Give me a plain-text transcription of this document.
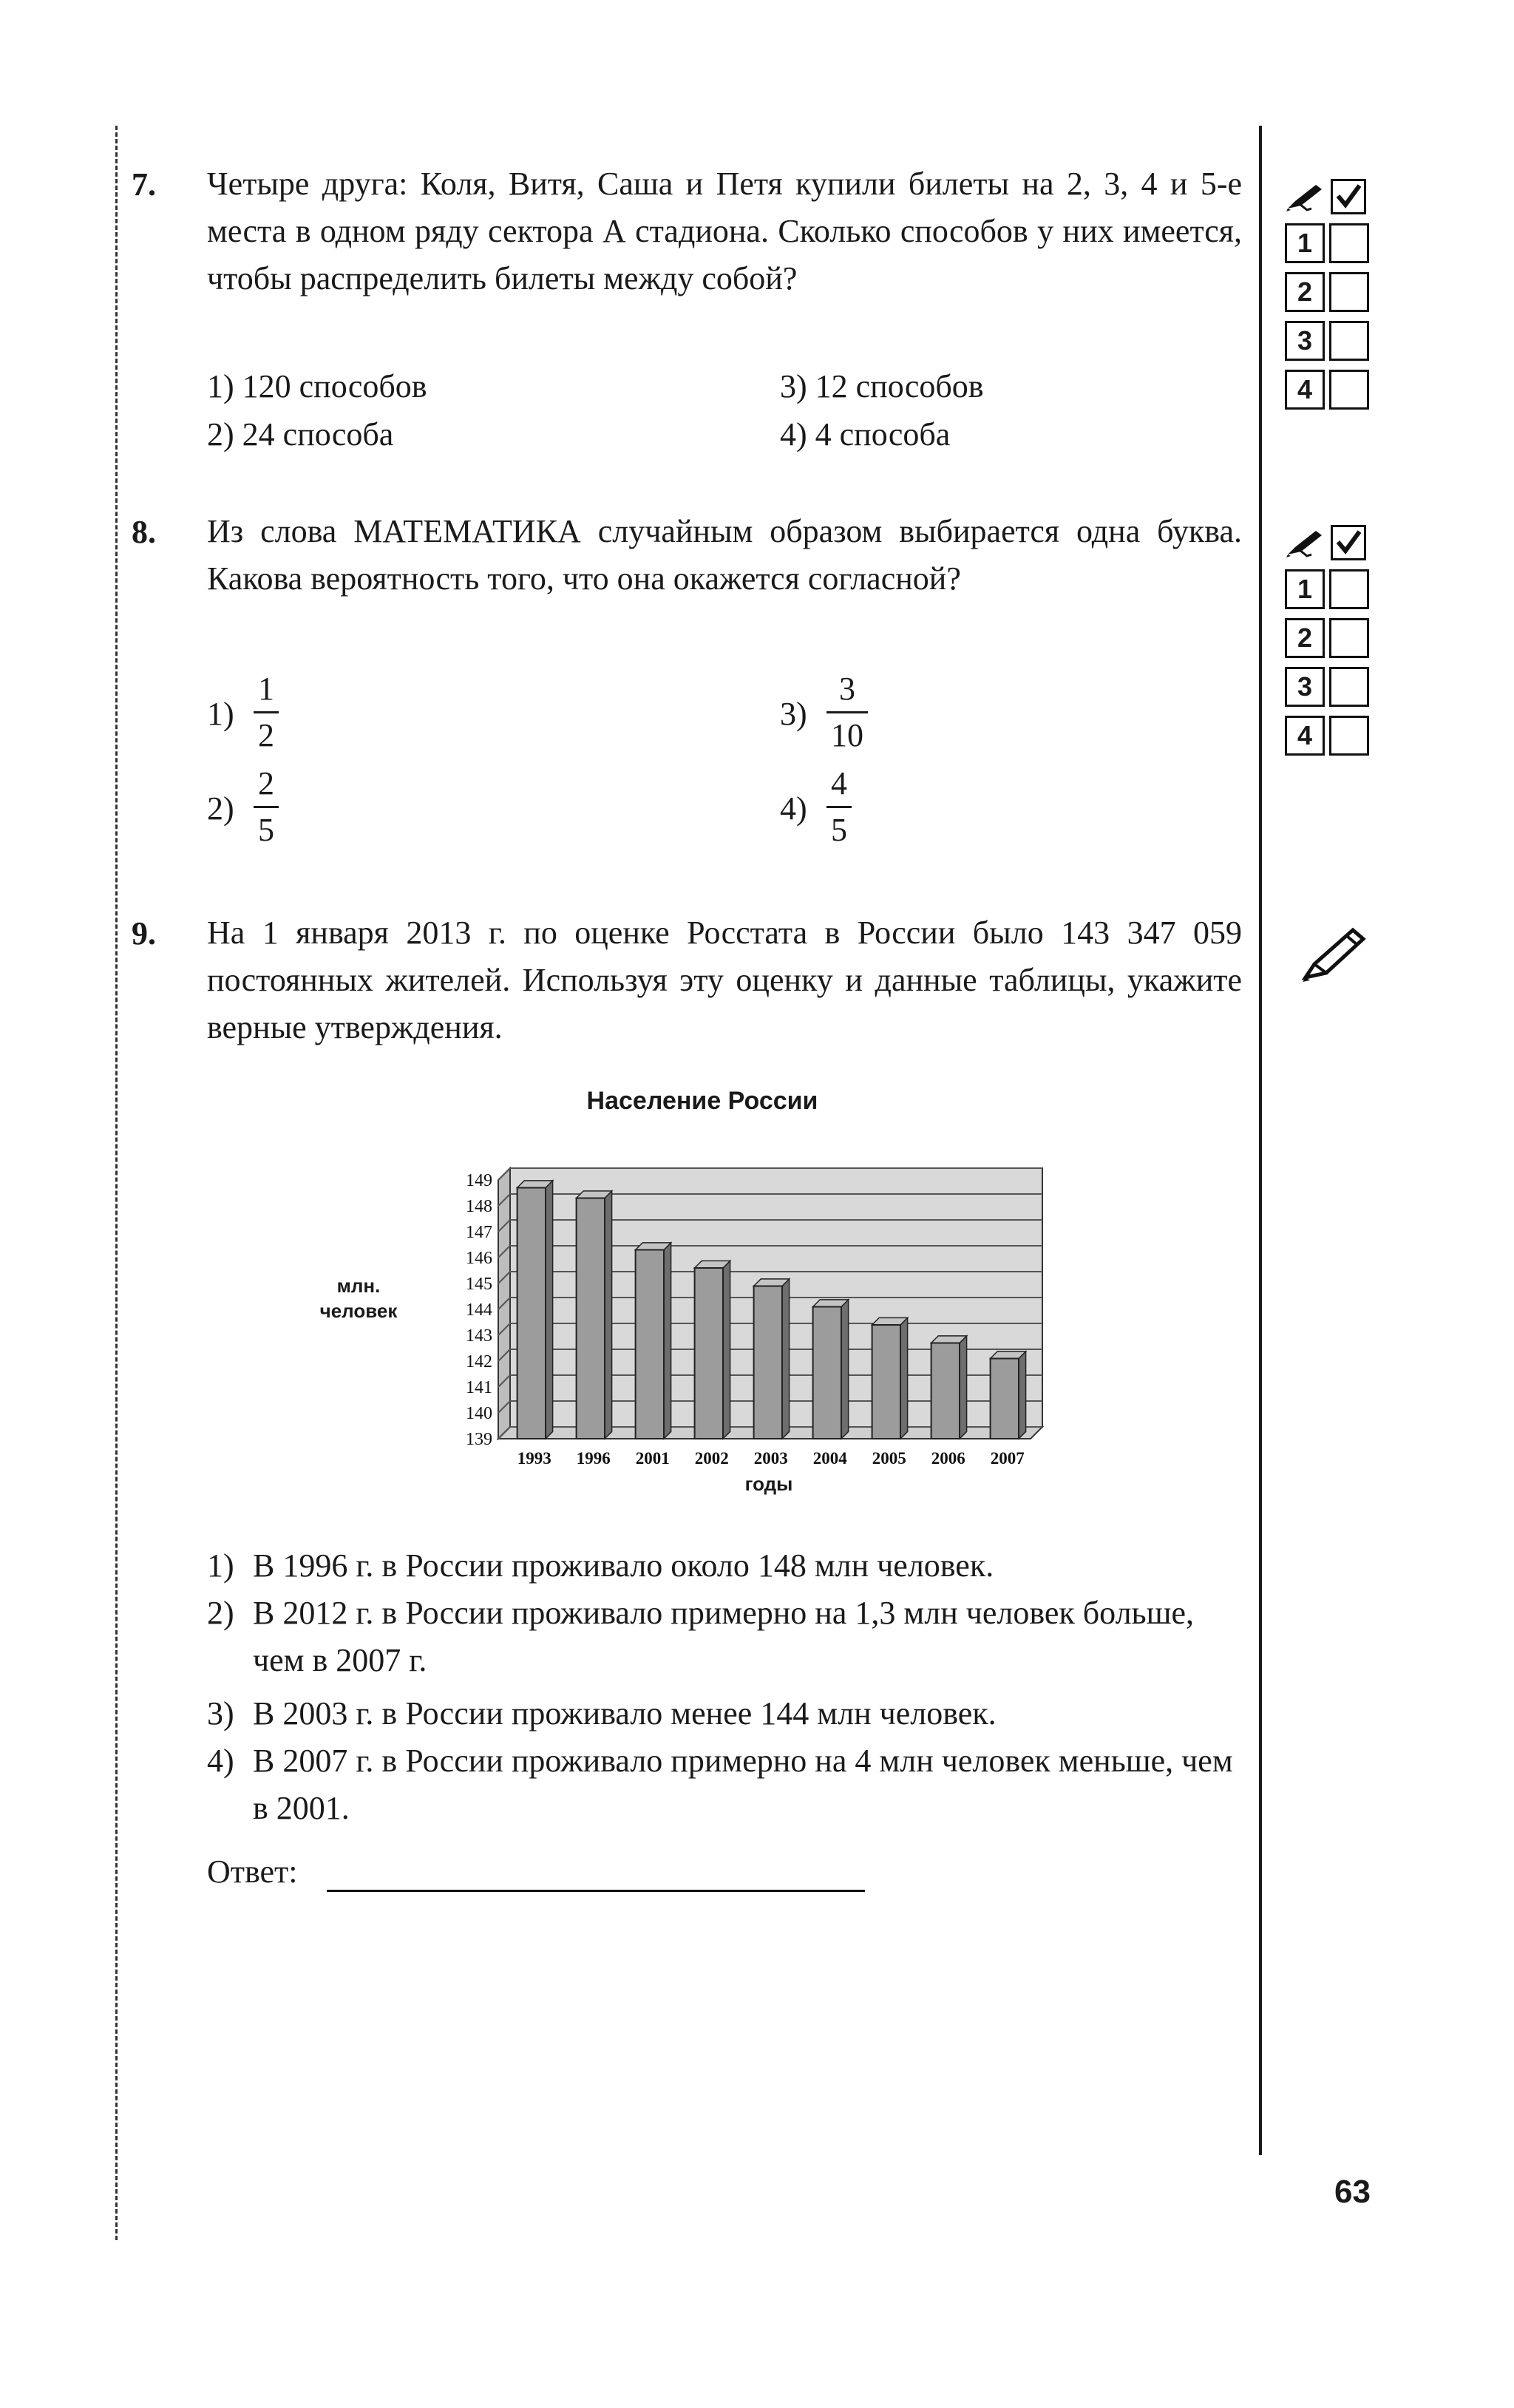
7. Четыре друга: Коля, Витя, Саша и Петя купили билеты на 2, 3, 4 и 5-е места в одном ряду сектора А стадиона. Сколько способов у них имеется, чтобы распределить билеты между собой?
1) 120 способов
2) 24 способа
3) 12 способов
4) 4 способа
1
2
3
4
8. Из слова МАТЕМАТИКА случайным образом выбирается одна буква. Какова вероятность того, что она окажется согласной?
1)
1
2
2)
2
5
3)
3
10
4)
4
5
1
2
3
4
9. На 1 января 2013 г. по оценке Росстата в России было 143 347 059 постоянных жителей. Используя эту оценку и данные таблицы, укажите верные утверждения.
Население России
млн.
человек
годы
149
148
147
146
145
144
143
142
141
140
139
1993 1996 2001 2002 2003 2004 2005 2006 2007
1) В 1996 г. в России проживало около 148 млн человек.
2) В 2012 г. в России проживало примерно на 1,3 млн человек больше, чем в 2007 г.
3) В 2003 г. в России проживало менее 144 млн человек.
4) В 2007 г. в России проживало примерно на 4 млн человек меньше, чем в 2001.
Ответ:
63
